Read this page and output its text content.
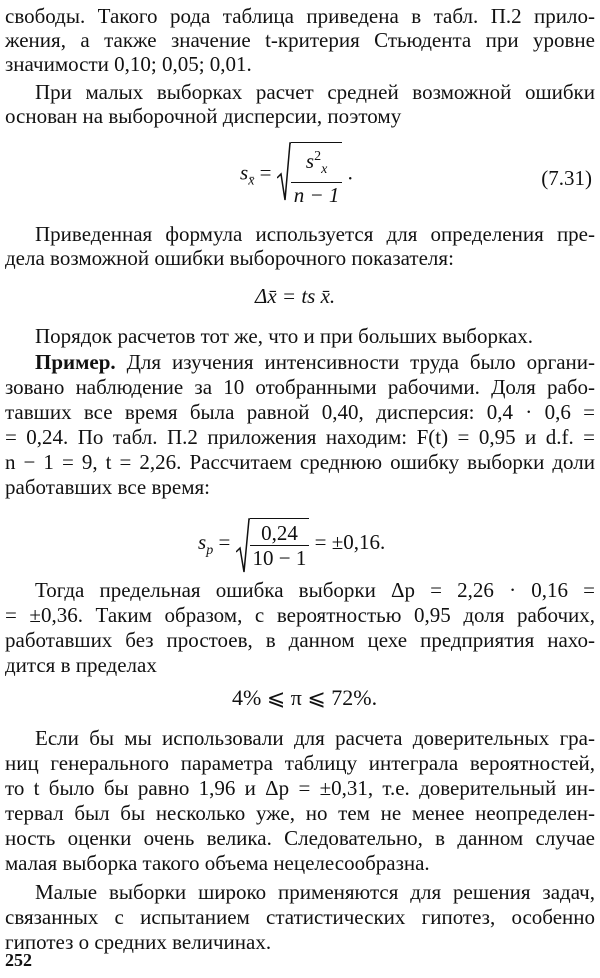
свободы. Такого рода таблица приведена в табл. П.2 прило-
жения, а также значение t-критерия Стьюдента при уровне
значимости 0,10; 0,05; 0,01.
При малых выборках расчет средней возможной ошибки
основан на выборочной дисперсии, поэтому
$s_{x̄} = \frac{s^2_x}{n - 1}$ .	(7.31)
Приведенная формула используется для определения пре-
дела возможной ошибки выборочного показателя:
Δx̄ = ts x̄.
Порядок расчетов тот же, что и при больших выборках.
Пример. Для изучения интенсивности труда было органи-
зовано наблюдение за 10 отобранными рабочими. Доля рабо-
тавших все время была равной 0,40, дисперсия: 0,4 · 0,6 =
= 0,24. По табл. П.2 приложения находим: F(t) = 0,95 и d.f. =
n − 1 = 9, t = 2,26. Рассчитаем среднюю ошибку выборки доли
работавших все время:
$s_p = \frac{0,24}{10 - 1} = \pm 0,16$.
Тогда предельная ошибка выборки Δp = 2,26 · 0,16 =
= ±0,36. Таким образом, с вероятностью 0,95 доля рабочих,
работавших без простоев, в данном цехе предприятия нахо-
дится в пределах
4% ⩽ π ⩽ 72%.
Если бы мы использовали для расчета доверительных гра-
ниц генерального параметра таблицу интеграла вероятностей,
то t было бы равно 1,96 и Δp = ±0,31, т.е. доверительный ин-
тервал был бы несколько уже, но тем не менее неопределен-
ность оценки очень велика. Следовательно, в данном случае
малая выборка такого объема нецелесообразна.
Малые выборки широко применяются для решения задач,
связанных с испытанием статистических гипотез, особенно
гипотез о средних величинах.
252
